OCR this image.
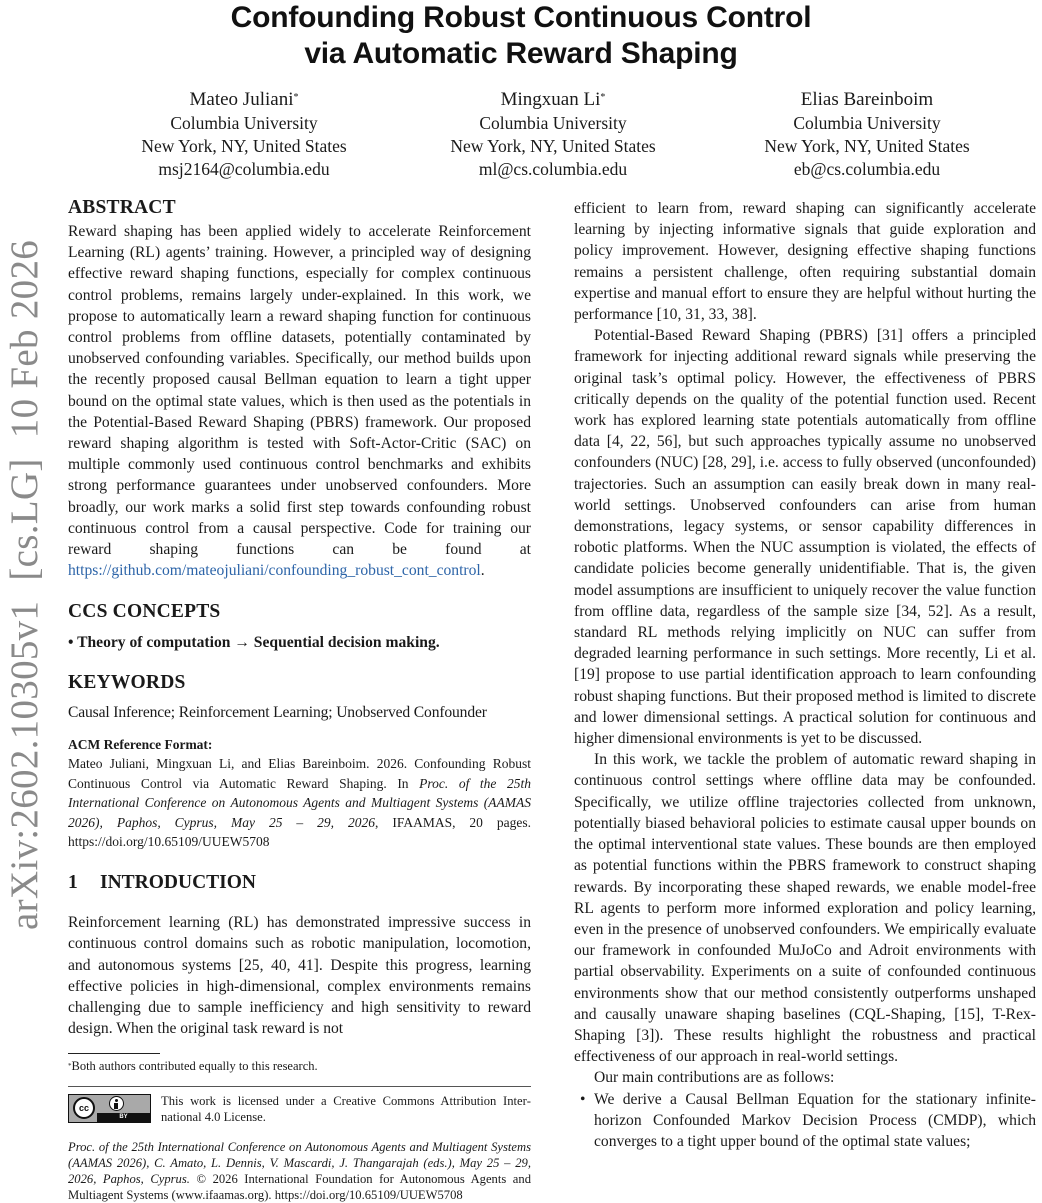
arXiv:2602.10305v1  [cs.LG]  10 Feb 2026
Confounding Robust Continuous Control
via Automatic Reward Shaping
Mateo Juliani*
Columbia University
New York, NY, United States
msj2164@columbia.edu
Mingxuan Li*
Columbia University
New York, NY, United States
ml@cs.columbia.edu
Elias Bareinboim
Columbia University
New York, NY, United States
eb@cs.columbia.edu
ABSTRACT

Reward shaping has been applied widely to accelerate Reinforcement Learning (RL) agents’ training. However, a principled way of designing effective reward shaping functions, especially for complex continuous control problems, remains largely under-explained. In this work, we propose to automatically learn a reward shaping function for continuous control problems from offline datasets, potentially contaminated by unobserved confounding variables. Specifically, our method builds upon the recently proposed causal Bellman equation to learn a tight upper bound on the optimal state values, which is then used as the potentials in the Potential-Based Reward Shaping (PBRS) framework. Our proposed reward shaping algorithm is tested with Soft-Actor-Critic (SAC) on multiple commonly used continuous control benchmarks and exhibits strong performance guarantees under unobserved confounders. More broadly, our work marks a solid first step towards confounding robust continuous control from a causal perspective. Code for training our reward shaping functions can be found at https://github.com/mateojuliani/confounding_robust_cont_control.

CCS CONCEPTS
• Theory of computation → Sequential decision making.
KEYWORDS
Causal Inference; Reinforcement Learning; Unobserved Confounder
ACM Reference Format:
Mateo Juliani, Mingxuan Li, and Elias Bareinboim. 2026. Confounding Robust Continuous Control via Automatic Reward Shaping. In Proc. of the 25th International Conference on Autonomous Agents and Multiagent Systems (AAMAS 2026), Paphos, Cyprus, May 25 – 29, 2026, IFAAMAS, 20 pages. https://doi.org/10.65109/UUEW5708
1 INTRODUCTION

Reinforcement learning (RL) has demonstrated impressive success in continuous control domains such as robotic manipulation, locomotion, and autonomous systems [25, 40, 41]. Despite this progress, learning effective policies in high-dimensional, complex environments remains challenging due to sample inefficiency and high sensitivity to reward design. When the original task reward is not

*Both authors contributed equally to this research.
cc
BY
This work is licensed under a Creative Commons Attribution International 4.0 License.
Proc. of the 25th International Conference on Autonomous Agents and Multiagent Systems (AAMAS 2026), C. Amato, L. Dennis, V. Mascardi, J. Thangarajah (eds.), May 25 – 29, 2026, Paphos, Cyprus. © 2026 International Foundation for Autonomous Agents and Multiagent Systems (www.ifaamas.org). https://doi.org/10.65109/UUEW5708

efficient to learn from, reward shaping can significantly accelerate learning by injecting informative signals that guide exploration and policy improvement. However, designing effective shaping functions remains a persistent challenge, often requiring substantial domain expertise and manual effort to ensure they are helpful without hurting the performance [10, 31, 33, 38].

Potential-Based Reward Shaping (PBRS) [31] offers a principled framework for injecting additional reward signals while preserving the original task’s optimal policy. However, the effectiveness of PBRS critically depends on the quality of the potential function used. Recent work has explored learning state potentials automatically from offline data [4, 22, 56], but such approaches typically assume no unobserved confounders (NUC) [28, 29], i.e. access to fully observed (unconfounded) trajectories. Such an assumption can easily break down in many real-world settings. Unobserved confounders can arise from human demonstrations, legacy systems, or sensor capability differences in robotic platforms. When the NUC assumption is violated, the effects of candidate policies become generally unidentifiable. That is, the given model assumptions are insufficient to uniquely recover the value function from offline data, regardless of the sample size [34, 52]. As a result, standard RL methods relying implicitly on NUC can suffer from degraded learning performance in such settings. More recently, Li et al. [19] propose to use partial identification approach to learn confounding robust shaping functions. But their proposed method is limited to discrete and lower dimensional settings. A practical solution for continuous and higher dimensional environments is yet to be discussed.

In this work, we tackle the problem of automatic reward shaping in continuous control settings where offline data may be confounded. Specifically, we utilize offline trajectories collected from unknown, potentially biased behavioral policies to estimate causal upper bounds on the optimal interventional state values. These bounds are then employed as potential functions within the PBRS framework to construct shaping rewards. By incorporating these shaped rewards, we enable model-free RL agents to perform more informed exploration and policy learning, even in the presence of unobserved confounders. We empirically evaluate our framework in confounded MuJoCo and Adroit environments with partial observability. Experiments on a suite of confounded continuous environments show that our method consistently outperforms unshaped and causally unaware shaping baselines (CQL-Shaping, [15], T-Rex-Shaping [3]). These results highlight the robustness and practical effectiveness of our approach in real-world settings.

Our main contributions are as follows:

• We derive a Causal Bellman Equation for the stationary infinite-horizon Confounded Markov Decision Process (CMDP), which converges to a tight upper bound of the optimal state values;
